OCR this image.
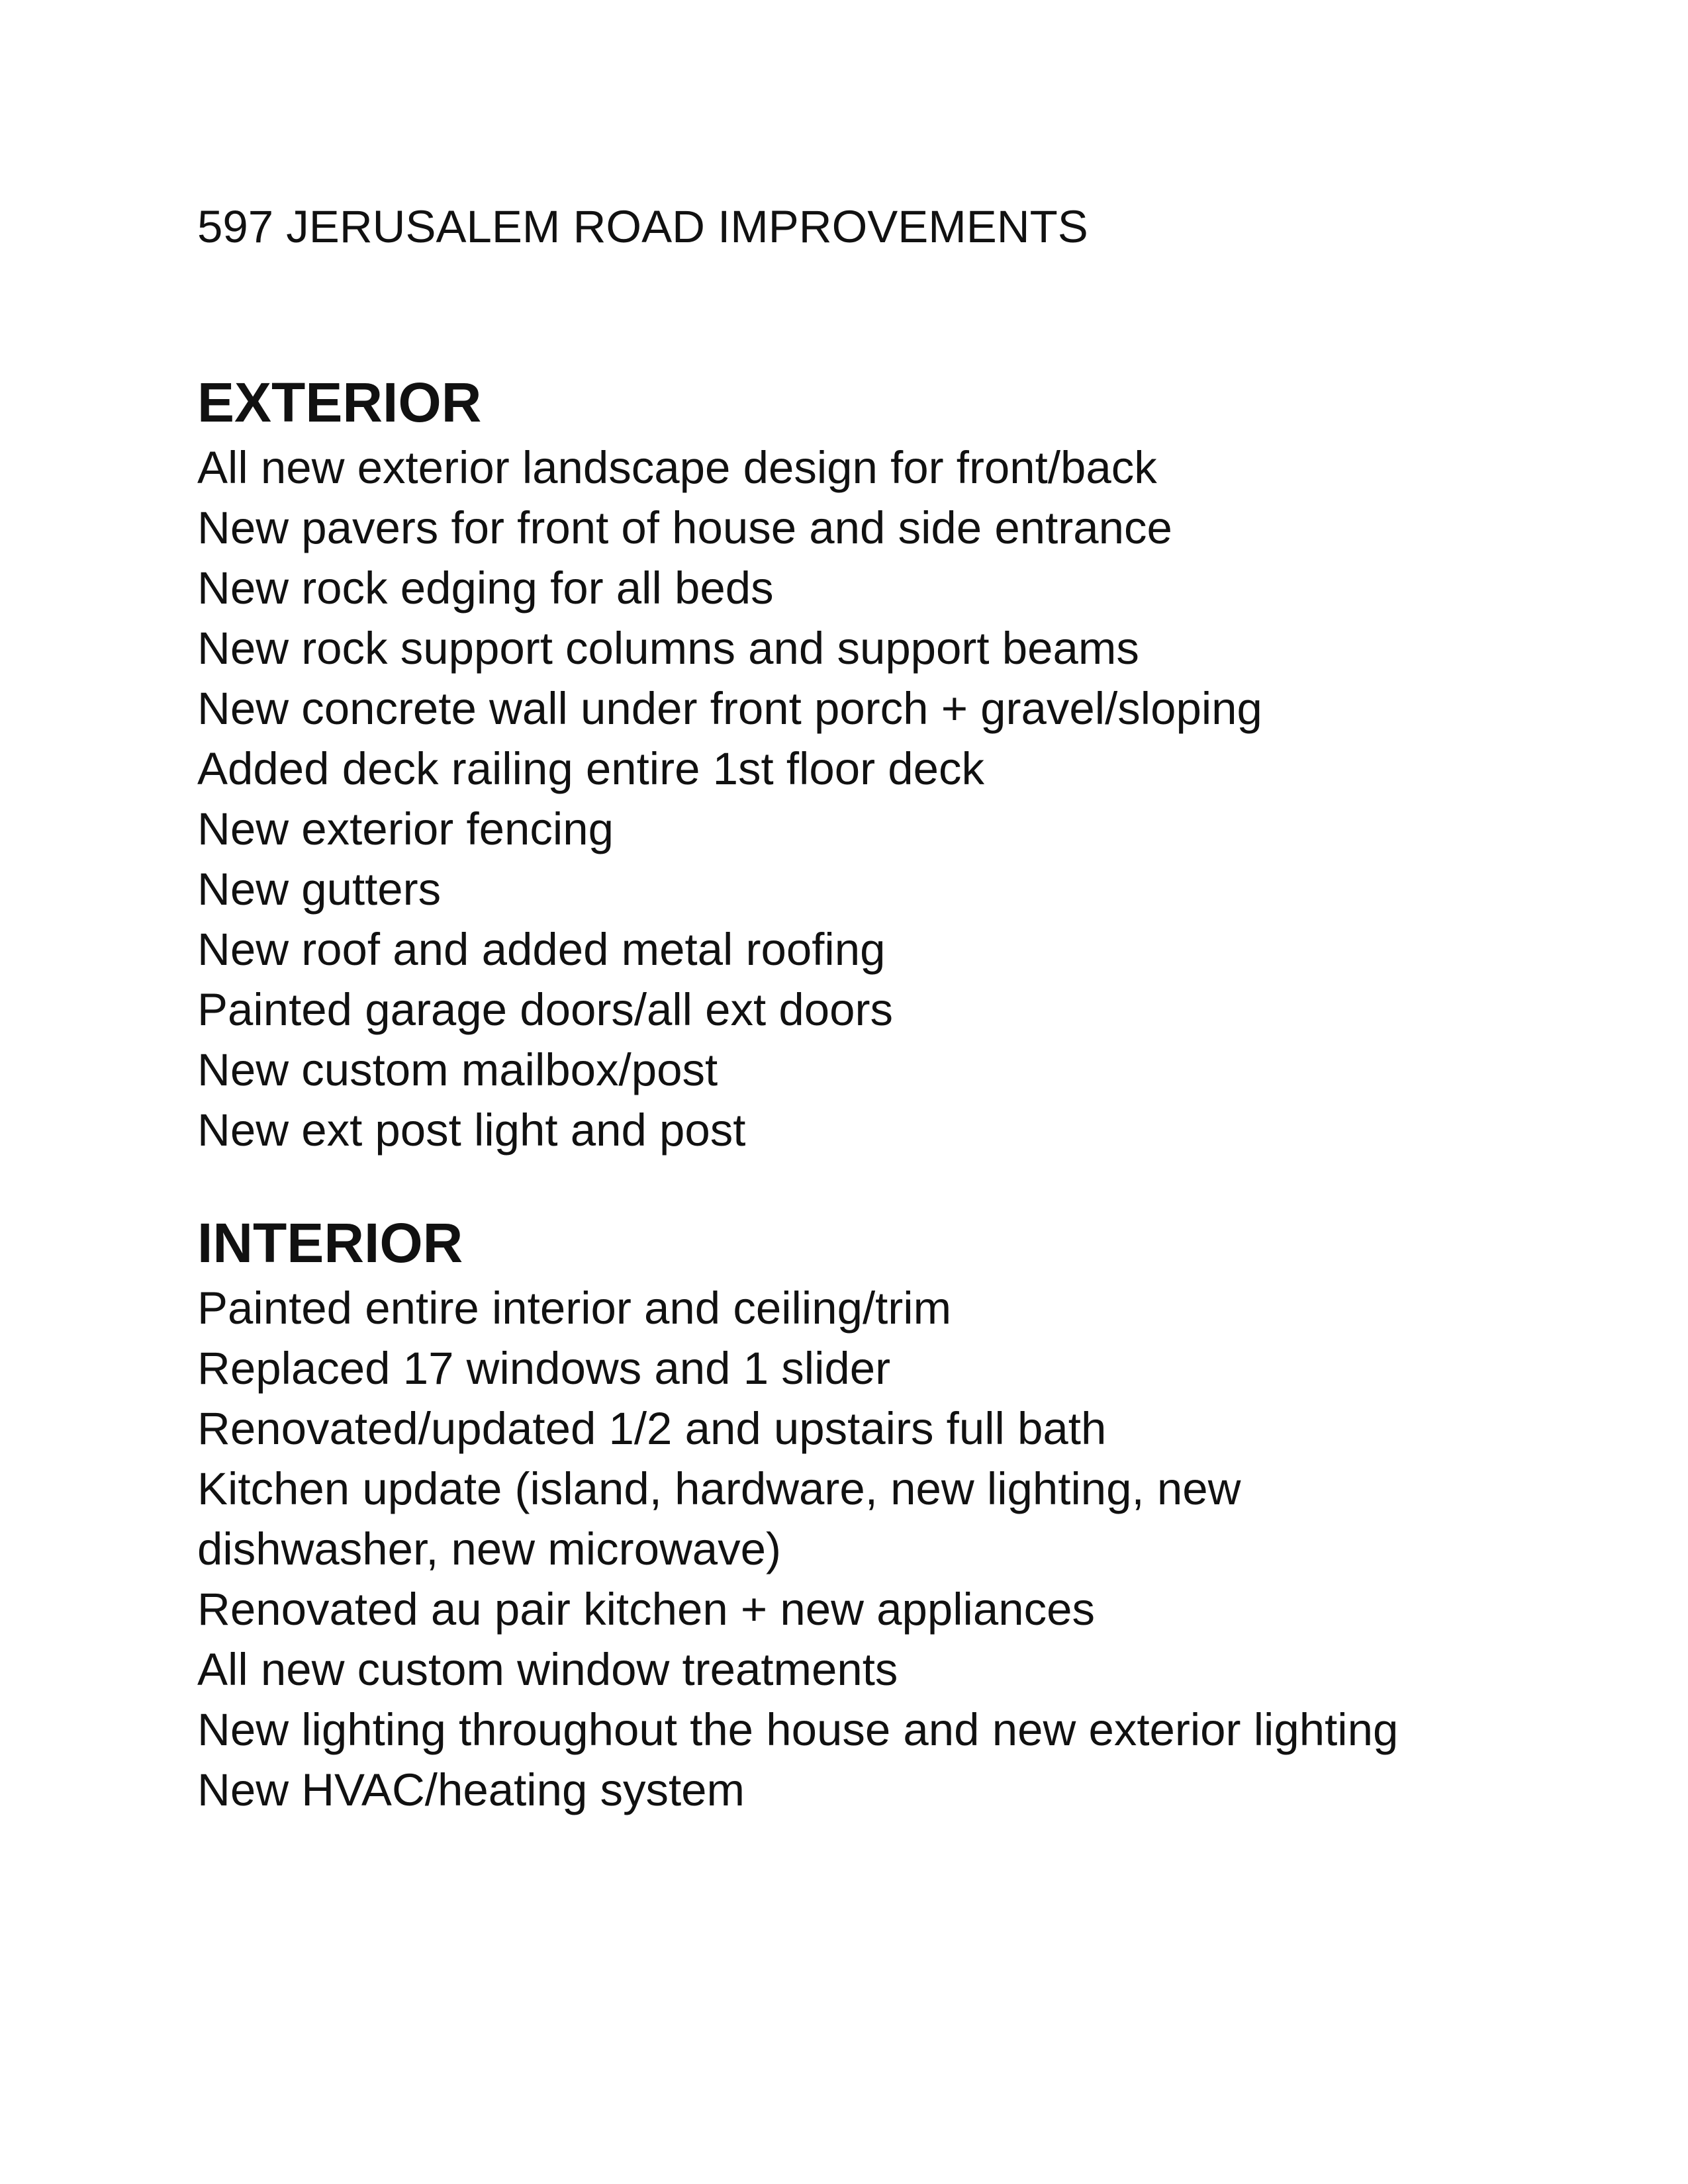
597 JERUSALEM ROAD IMPROVEMENTS
EXTERIOR
All new exterior landscape design for front/back
New pavers for front of house and side entrance
New rock edging for all beds
New rock support columns and support beams
New concrete wall under front porch + gravel/sloping
Added deck railing entire 1st floor deck
New exterior fencing
New gutters
New roof and added metal roofing
Painted garage doors/all ext doors
New custom mailbox/post
New ext post light and post
INTERIOR
Painted entire interior and ceiling/trim
Replaced 17 windows and 1 slider
Renovated/updated 1/2 and upstairs full bath
Kitchen update (island, hardware, new lighting, new dishwasher, new microwave)
Renovated au pair kitchen + new appliances
All new custom window treatments
New lighting throughout the house and new exterior lighting
New HVAC/heating system
